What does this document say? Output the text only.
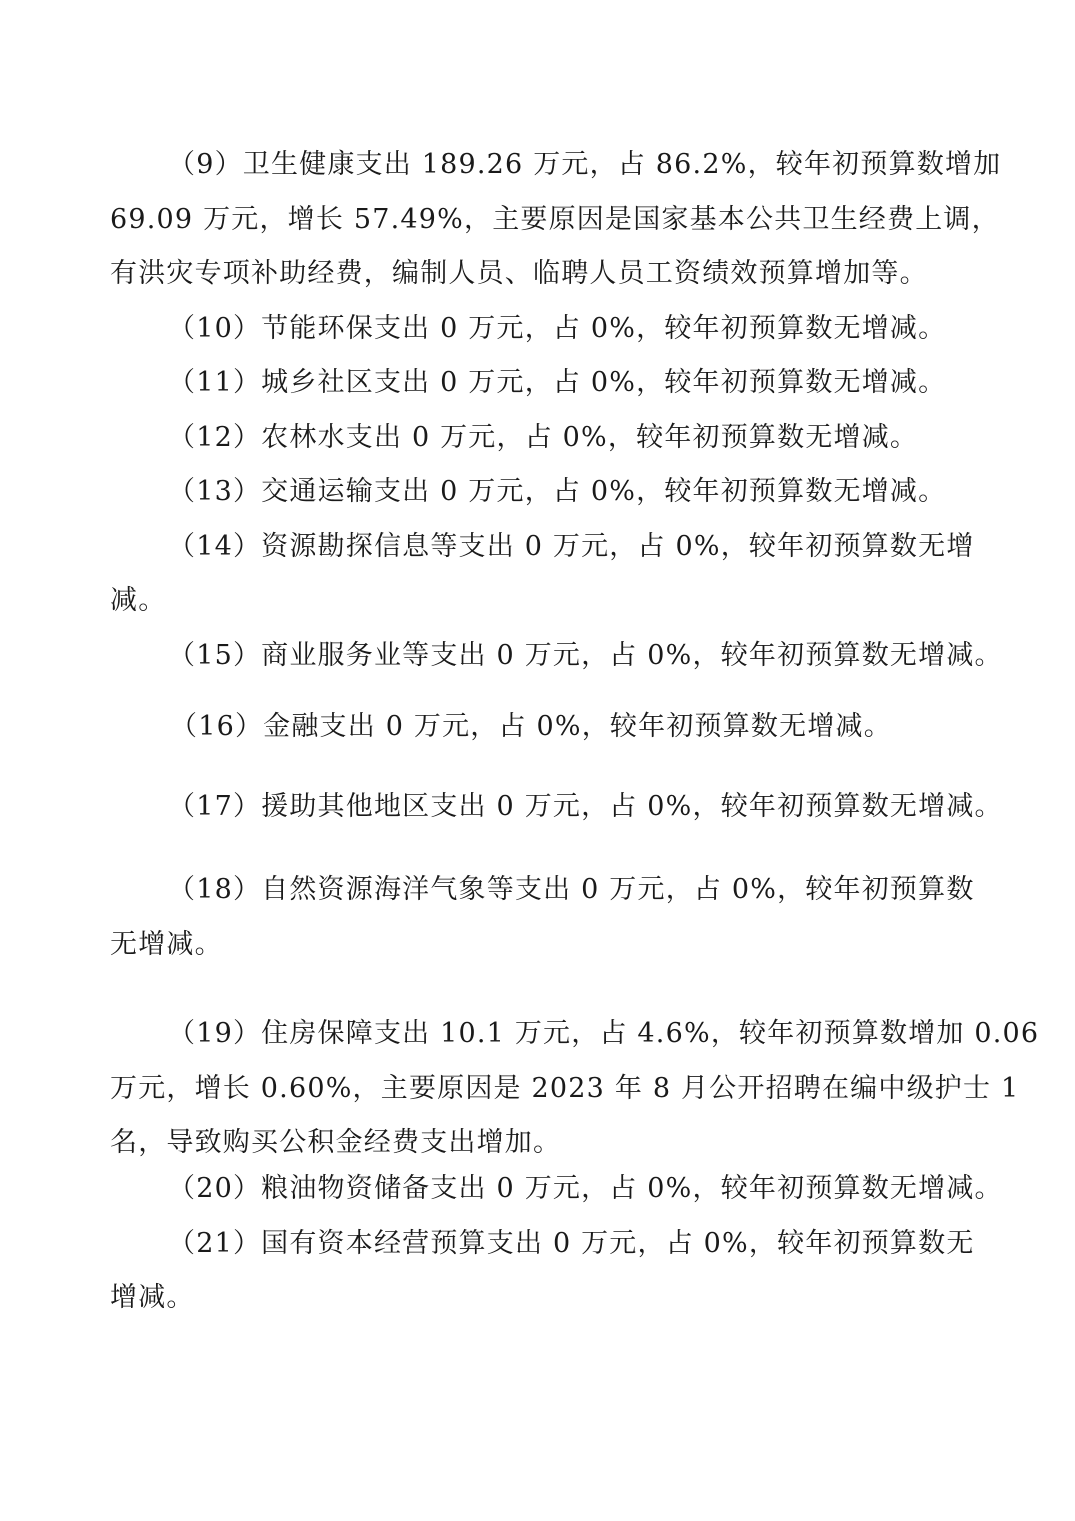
（9）卫生健康支出 189.26 万元，占 86.2%，较年初预算数增加

69.09 万元，增长 57.49%，主要原因是国家基本公共卫生经费上调，

有洪灾专项补助经费，编制人员、临聘人员工资绩效预算增加等。

（10）节能环保支出 0 万元，占 0%，较年初预算数无增减。

（11）城乡社区支出 0 万元，占 0%，较年初预算数无增减。

（12）农林水支出 0 万元，占 0%，较年初预算数无增减。

（13）交通运输支出 0 万元，占 0%，较年初预算数无增减。

（14）资源勘探信息等支出 0 万元，占 0%，较年初预算数无增

减。

（15）商业服务业等支出 0 万元，占 0%，较年初预算数无增减。

（16）金融支出 0 万元，占 0%，较年初预算数无增减。

（17）援助其他地区支出 0 万元，占 0%，较年初预算数无增减。

（18）自然资源海洋气象等支出 0 万元，占 0%，较年初预算数

无增减。

（19）住房保障支出 10.1 万元，占 4.6%，较年初预算数增加 0.06

万元，增长 0.60%，主要原因是 2023 年 8 月公开招聘在编中级护士 1

名，导致购买公积金经费支出增加。

（20）粮油物资储备支出 0 万元，占 0%，较年初预算数无增减。

（21）国有资本经营预算支出 0 万元，占 0%，较年初预算数无

增减。
